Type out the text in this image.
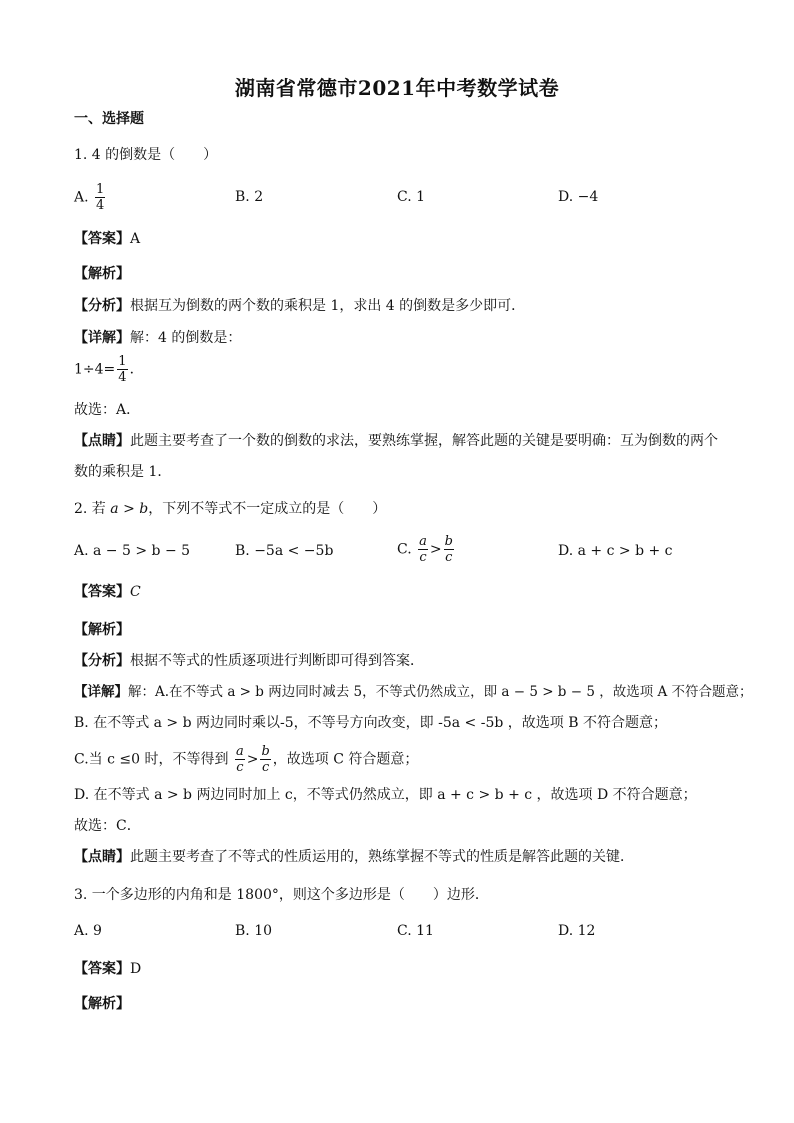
湖南省常德市2021年中考数学试卷
一、选择题
1. 4 的倒数是（　　）
A. $\frac{1}{4}$	B. 2	C. 1	D. −4
【答案】A
【解析】
【分析】根据互为倒数的两个数的乘积是 1，求出 4 的倒数是多少即可．
【详解】解：4 的倒数是：
$1\div 4= \frac{1}{4}$ ．
故选：A．
【点睛】此题主要考查了一个数的倒数的求法，要熟练掌握，解答此题的关键是要明确：互为倒数的两个
数的乘积是 1．
2. 若 a > b，下列不等式不一定成立的是（　　）
A. a − 5 > b − 5	B. −5a < −5b	C. $\frac{a}{c} > \frac{b}{c}$	D. a + c > b + c
【答案】C
【解析】
【分析】根据不等式的性质逐项进行判断即可得到答案．
【详解】解：A.在不等式 a > b 两边同时减去 5，不等式仍然成立，即 a − 5 > b − 5 ，故选项 A 不符合题意；
B. 在不等式 a > b 两边同时乘以-5，不等号方向改变，即 -5a < -5b ，故选项 B 不符合题意；
C.当 c ≤0 时，不等得到 $\frac{a}{c} > \frac{b}{c}$ ，故选项 C 符合题意；
D. 在不等式 a > b 两边同时加上 c，不等式仍然成立，即 a + c > b + c ，故选项 D 不符合题意；
故选：C．
【点睛】此题主要考查了不等式的性质运用的，熟练掌握不等式的性质是解答此题的关键．
3. 一个多边形的内角和是 1800°，则这个多边形是（　　）边形．
A. 9	B. 10	C. 11	D. 12
【答案】D
【解析】
